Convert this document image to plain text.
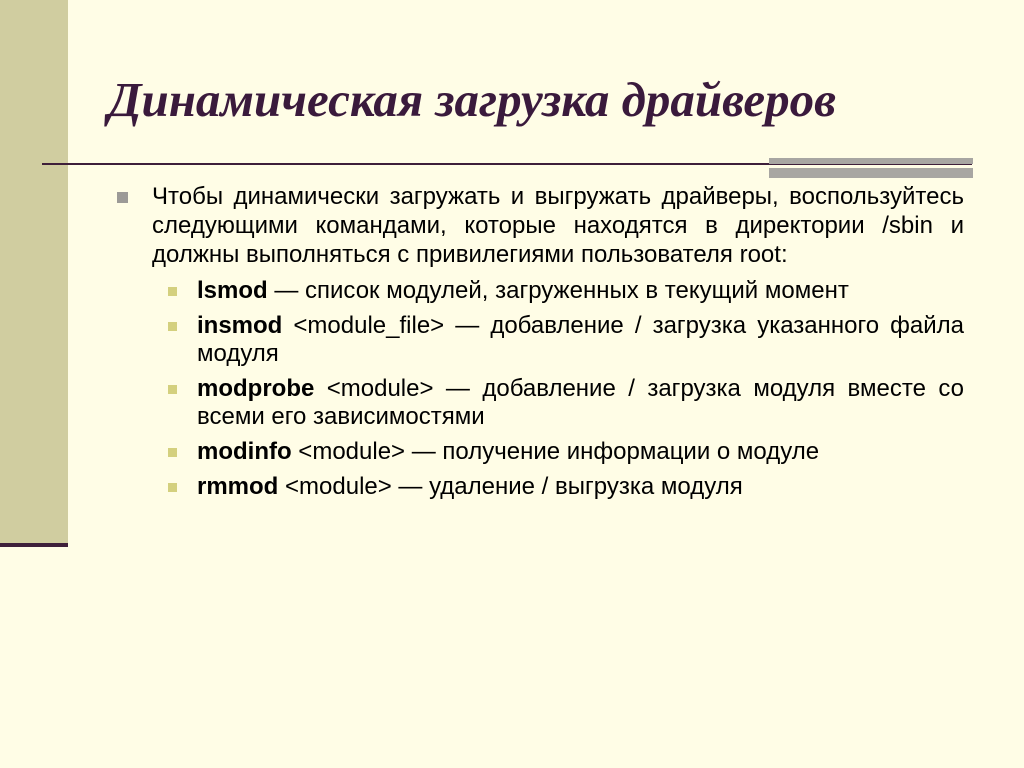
Динамическая загрузка драйверов
Чтобы динамически загружать и выгружать драйверы, воспользуйтесь следующими командами, которые находятся в директории /sbin и должны выполняться с привилегиями пользователя root:
lsmod — список модулей, загруженных в текущий момент
insmod <module_file> — добавление / загрузка указанного файла модуля
modprobe <module> — добавление / загрузка модуля вместе со всеми его зависимостями
modinfo <module> — получение информации о модуле
rmmod <module> — удаление / выгрузка модуля
